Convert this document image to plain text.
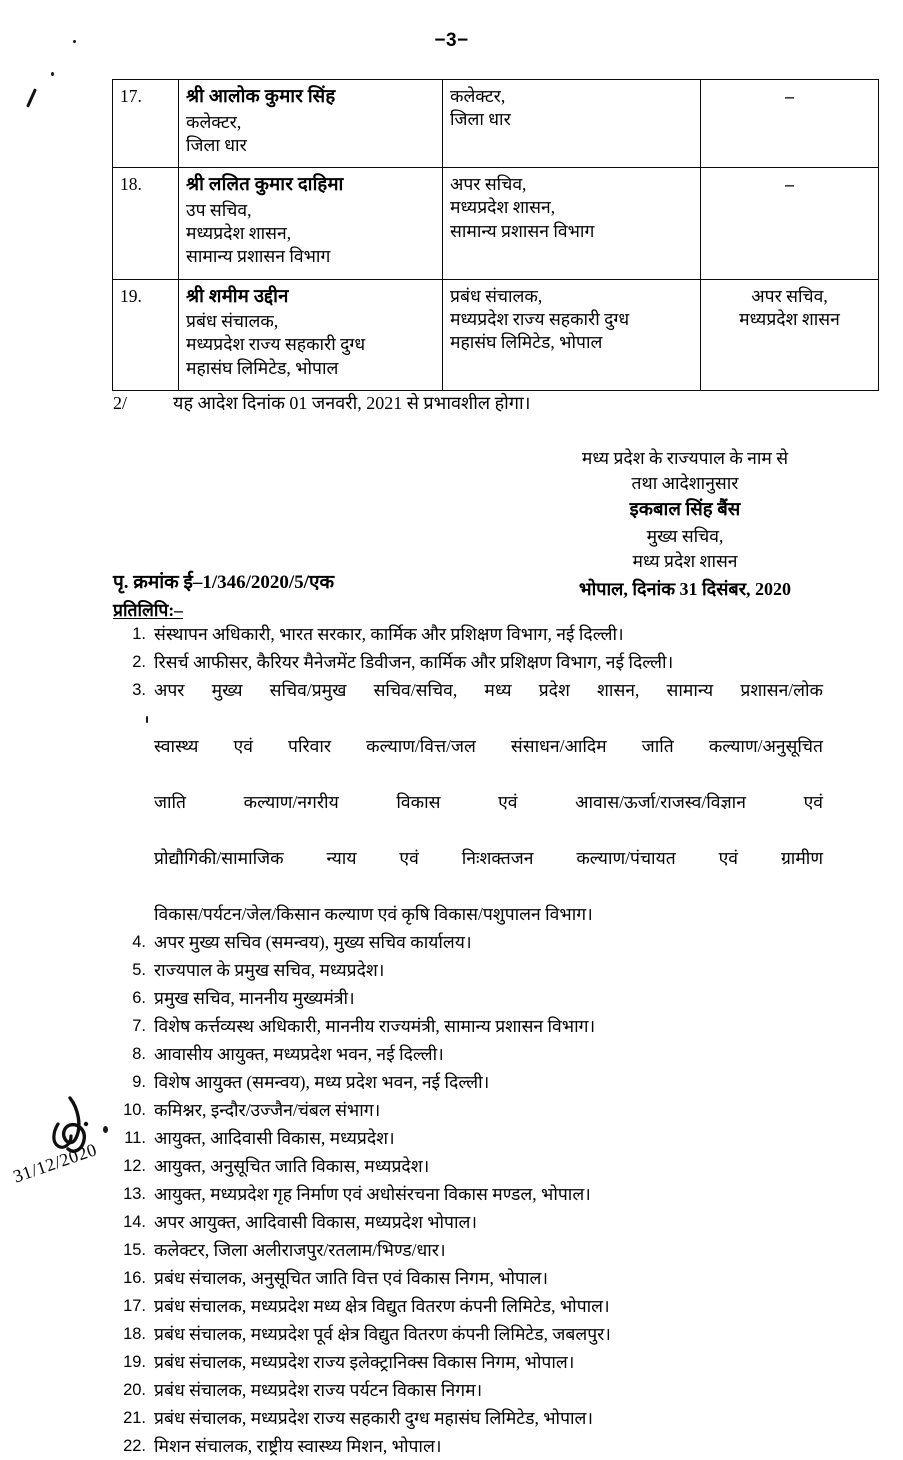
−3−
17.	श्री आलोक कुमार सिंह
कलेक्टर,
जिला धार	कलेक्टर,
जिला धार	–
18.	श्री ललित कुमार दाहिमा
उप सचिव,
मध्यप्रदेश शासन,
सामान्य प्रशासन विभाग	अपर सचिव,
मध्यप्रदेश शासन,
सामान्य प्रशासन विभाग	–
19.	श्री शमीम उद्दीन
प्रबंध संचालक,
मध्यप्रदेश राज्य सहकारी दुग्ध
महासंघ लिमिटेड, भोपाल	प्रबंध संचालक,
मध्यप्रदेश राज्य सहकारी दुग्ध
महासंघ लिमिटेड, भोपाल	अपर सचिव,
मध्यप्रदेश शासन
2/	यह आदेश दिनांक 01 जनवरी, 2021 से प्रभावशील होगा।
मध्य प्रदेश के राज्यपाल के नाम से
तथा आदेशानुसार
इकबाल सिंह बैंस
मुख्य सचिव,
मध्य प्रदेश शासन
भोपाल, दिनांक 31 दिसंबर, 2020
पृ. क्रमांक ई–1/346/2020/5/एक
प्रतिलिपि:–
1. संस्थापन अधिकारी, भारत सरकार, कार्मिक और प्रशिक्षण विभाग, नई दिल्ली।
2. रिसर्च आफीसर, कैरियर मैनेजमेंट डिवीजन, कार्मिक और प्रशिक्षण विभाग, नई दिल्ली।
3. अपर मुख्य सचिव/प्रमुख सचिव/सचिव, मध्य प्रदेश शासन, सामान्य प्रशासन/लोक
स्वास्थ्य एवं परिवार कल्याण/वित्त/जल संसाधन/आदिम जाति कल्याण/अनुसूचित
जाति कल्याण/नगरीय विकास एवं आवास/ऊर्जा/राजस्व/विज्ञान एवं
प्रोद्यौगिकी/सामाजिक न्याय एवं निःशक्तजन कल्याण/पंचायत एवं ग्रामीण
विकास/पर्यटन/जेल/किसान कल्याण एवं कृषि विकास/पशुपालन विभाग।
4. अपर मुख्य सचिव (समन्वय), मुख्य सचिव कार्यालय।
5. राज्यपाल के प्रमुख सचिव, मध्यप्रदेश।
6. प्रमुख सचिव, माननीय मुख्यमंत्री।
7. विशेष कर्त्तव्यस्थ अधिकारी, माननीय राज्यमंत्री, सामान्य प्रशासन विभाग।
8. आवासीय आयुक्त, मध्यप्रदेश भवन, नई दिल्ली।
9. विशेष आयुक्त (समन्वय), मध्य प्रदेश भवन, नई दिल्ली।
10. कमिश्नर, इन्दौर/उज्जैन/चंबल संभाग।
11. आयुक्त, आदिवासी विकास, मध्यप्रदेश।
12. आयुक्त, अनुसूचित जाति विकास, मध्यप्रदेश।
13. आयुक्त, मध्यप्रदेश गृह निर्माण एवं अधोसंरचना विकास मण्डल, भोपाल।
14. अपर आयुक्त, आदिवासी विकास, मध्यप्रदेश भोपाल।
15. कलेक्टर, जिला अलीराजपुर/रतलाम/भिण्ड/धार।
16. प्रबंध संचालक, अनुसूचित जाति वित्त एवं विकास निगम, भोपाल।
17. प्रबंध संचालक, मध्यप्रदेश मध्य क्षेत्र विद्युत वितरण कंपनी लिमिटेड, भोपाल।
18. प्रबंध संचालक, मध्यप्रदेश पूर्व क्षेत्र विद्युत वितरण कंपनी लिमिटेड, जबलपुर।
19. प्रबंध संचालक, मध्यप्रदेश राज्य इलेक्ट्रानिक्स विकास निगम, भोपाल।
20. प्रबंध संचालक, मध्यप्रदेश राज्य पर्यटन विकास निगम।
21. प्रबंध संचालक, मध्यप्रदेश राज्य सहकारी दुग्ध महासंघ लिमिटेड, भोपाल।
22. मिशन संचालक, राष्ट्रीय स्वास्थ्य मिशन, भोपाल।
31/12/2020
